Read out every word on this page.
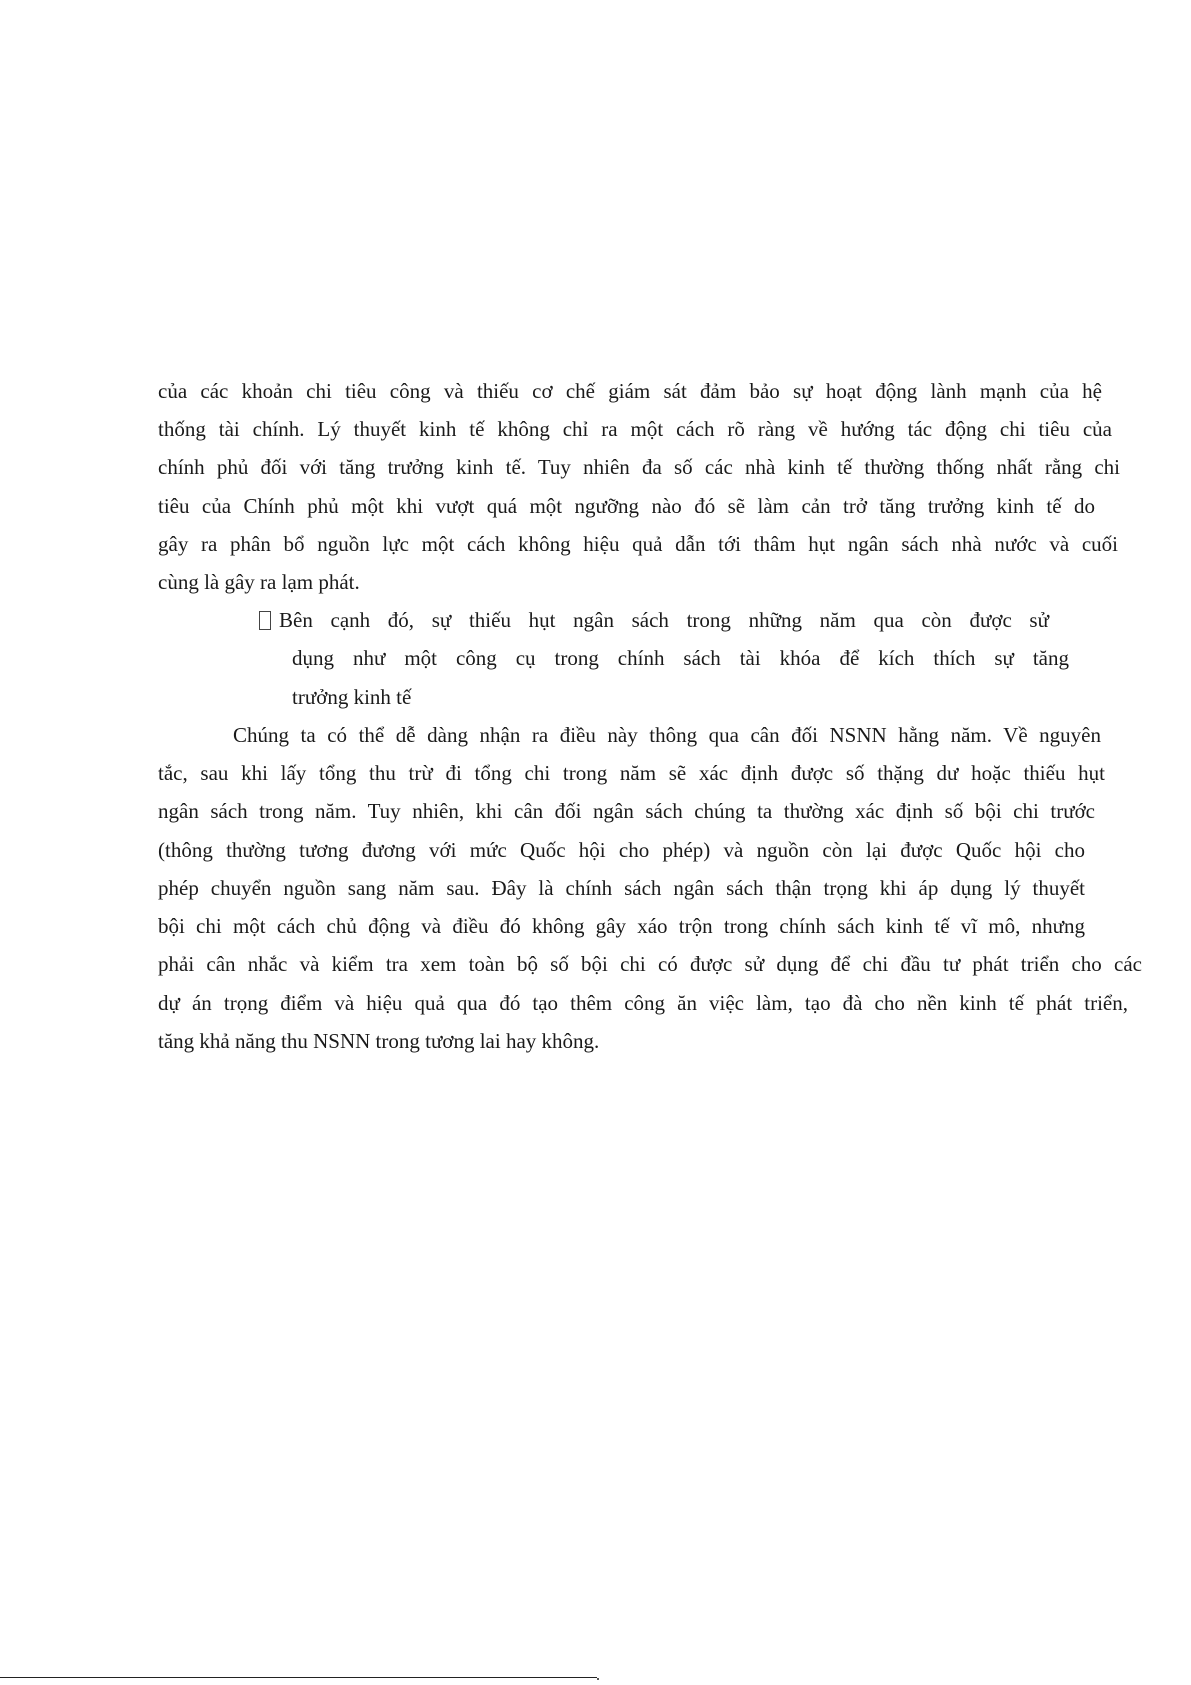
của các khoản chi tiêu công và thiếu cơ chế giám sát đảm bảo sự hoạt động lành mạnh của hệ
thống tài chính. Lý thuyết kinh tế không chỉ ra một cách rõ ràng về hướng tác động chi tiêu của
chính phủ đối với tăng trưởng kinh tế. Tuy nhiên đa số các nhà kinh tế thường thống nhất rằng chi
tiêu của Chính phủ một khi vượt quá một ngưỡng nào đó sẽ làm cản trở tăng trưởng kinh tế do
gây ra phân bổ nguồn lực một cách không hiệu quả dẫn tới thâm hụt ngân sách nhà nước và cuối
cùng là gây ra lạm phát.
Bên cạnh đó, sự thiếu hụt ngân sách trong những năm qua còn được sử
dụng như một công cụ trong chính sách tài khóa để kích thích sự tăng
trưởng kinh tế
Chúng ta có thể dễ dàng nhận ra điều này thông qua cân đối NSNN hằng năm. Về nguyên
tắc, sau khi lấy tổng thu trừ đi tổng chi trong năm sẽ xác định được số thặng dư hoặc thiếu hụt
ngân sách trong năm. Tuy nhiên, khi cân đối ngân sách chúng ta thường xác định số bội chi trước
(thông thường tương đương với mức Quốc hội cho phép) và nguồn còn lại được Quốc hội cho
phép chuyển nguồn sang năm sau. Đây là chính sách ngân sách thận trọng khi áp dụng lý thuyết
bội chi một cách chủ động và điều đó không gây xáo trộn trong chính sách kinh tế vĩ mô, nhưng
phải cân nhắc và kiểm tra xem toàn bộ số bội chi có được sử dụng để chi đầu tư phát triển cho các
dự án trọng điểm và hiệu quả qua đó tạo thêm công ăn việc làm, tạo đà cho nền kinh tế phát triển,
tăng khả năng thu NSNN trong tương lai hay không.
